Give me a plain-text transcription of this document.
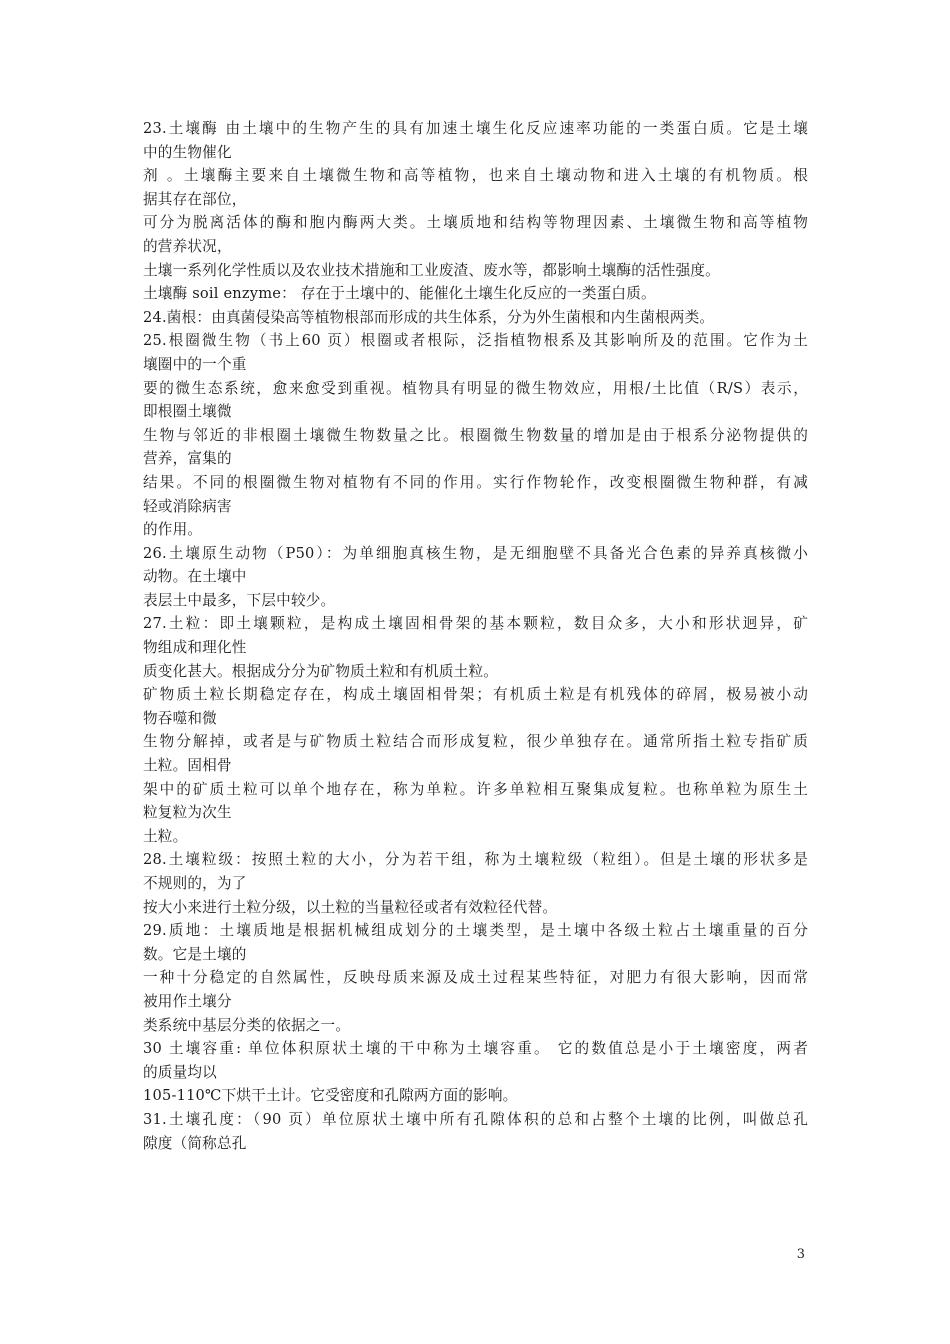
23.土壤酶 由土壤中的生物产生的具有加速土壤生化反应速率功能的一类蛋白质。它是土壤
中的生物催化
剂 。土壤酶主要来自土壤微生物和高等植物，也来自土壤动物和进入土壤的有机物质。根
据其存在部位，
可分为脱离活体的酶和胞内酶两大类。土壤质地和结构等物理因素、土壤微生物和高等植物
的营养状况，
土壤一系列化学性质以及农业技术措施和工业废渣、废水等，都影响土壤酶的活性强度。
土壤酶 soil enzyme： 存在于土壤中的、能催化土壤生化反应的一类蛋白质。
24.菌根：由真菌侵染高等植物根部而形成的共生体系，分为外生菌根和内生菌根两类。
25.根圈微生物（书上60 页）根圈或者根际，泛指植物根系及其影响所及的范围。它作为土
壤圈中的一个重
要的微生态系统，愈来愈受到重视。植物具有明显的微生物效应，用根/土比值（R/S）表示，
即根圈土壤微
生物与邻近的非根圈土壤微生物数量之比。根圈微生物数量的增加是由于根系分泌物提供的
营养，富集的
结果。不同的根圈微生物对植物有不同的作用。实行作物轮作，改变根圈微生物种群，有减
轻或消除病害
的作用。
26.土壤原生动物（P50）：为单细胞真核生物，是无细胞壁不具备光合色素的异养真核微小
动物。在土壤中
表层土中最多，下层中较少。
27.土粒：即土壤颗粒，是构成土壤固相骨架的基本颗粒，数目众多，大小和形状迥异，矿
物组成和理化性
质变化甚大。根据成分分为矿物质土粒和有机质土粒。
矿物质土粒长期稳定存在，构成土壤固相骨架；有机质土粒是有机残体的碎屑，极易被小动
物吞噬和微
生物分解掉，或者是与矿物质土粒结合而形成复粒，很少单独存在。通常所指土粒专指矿质
土粒。固相骨
架中的矿质土粒可以单个地存在，称为单粒。许多单粒相互聚集成复粒。也称单粒为原生土
粒复粒为次生
土粒。
28.土壤粒级：按照土粒的大小，分为若干组，称为土壤粒级（粒组）。但是土壤的形状多是
不规则的，为了
按大小来进行土粒分级，以土粒的当量粒径或者有效粒径代替。
29.质地：土壤质地是根据机械组成划分的土壤类型，是土壤中各级土粒占土壤重量的百分
数。它是土壤的
一种十分稳定的自然属性，反映母质来源及成土过程某些特征，对肥力有很大影响，因而常
被用作土壤分
类系统中基层分类的依据之一。
30 土壤容重: 单位体积原状土壤的干中称为土壤容重。 它的数值总是小于土壤密度，两者
的质量均以
105-110℃下烘干土计。它受密度和孔隙两方面的影响。
31.土壤孔度：（90 页）单位原状土壤中所有孔隙体积的总和占整个土壤的比例，叫做总孔
隙度（简称总孔
3
